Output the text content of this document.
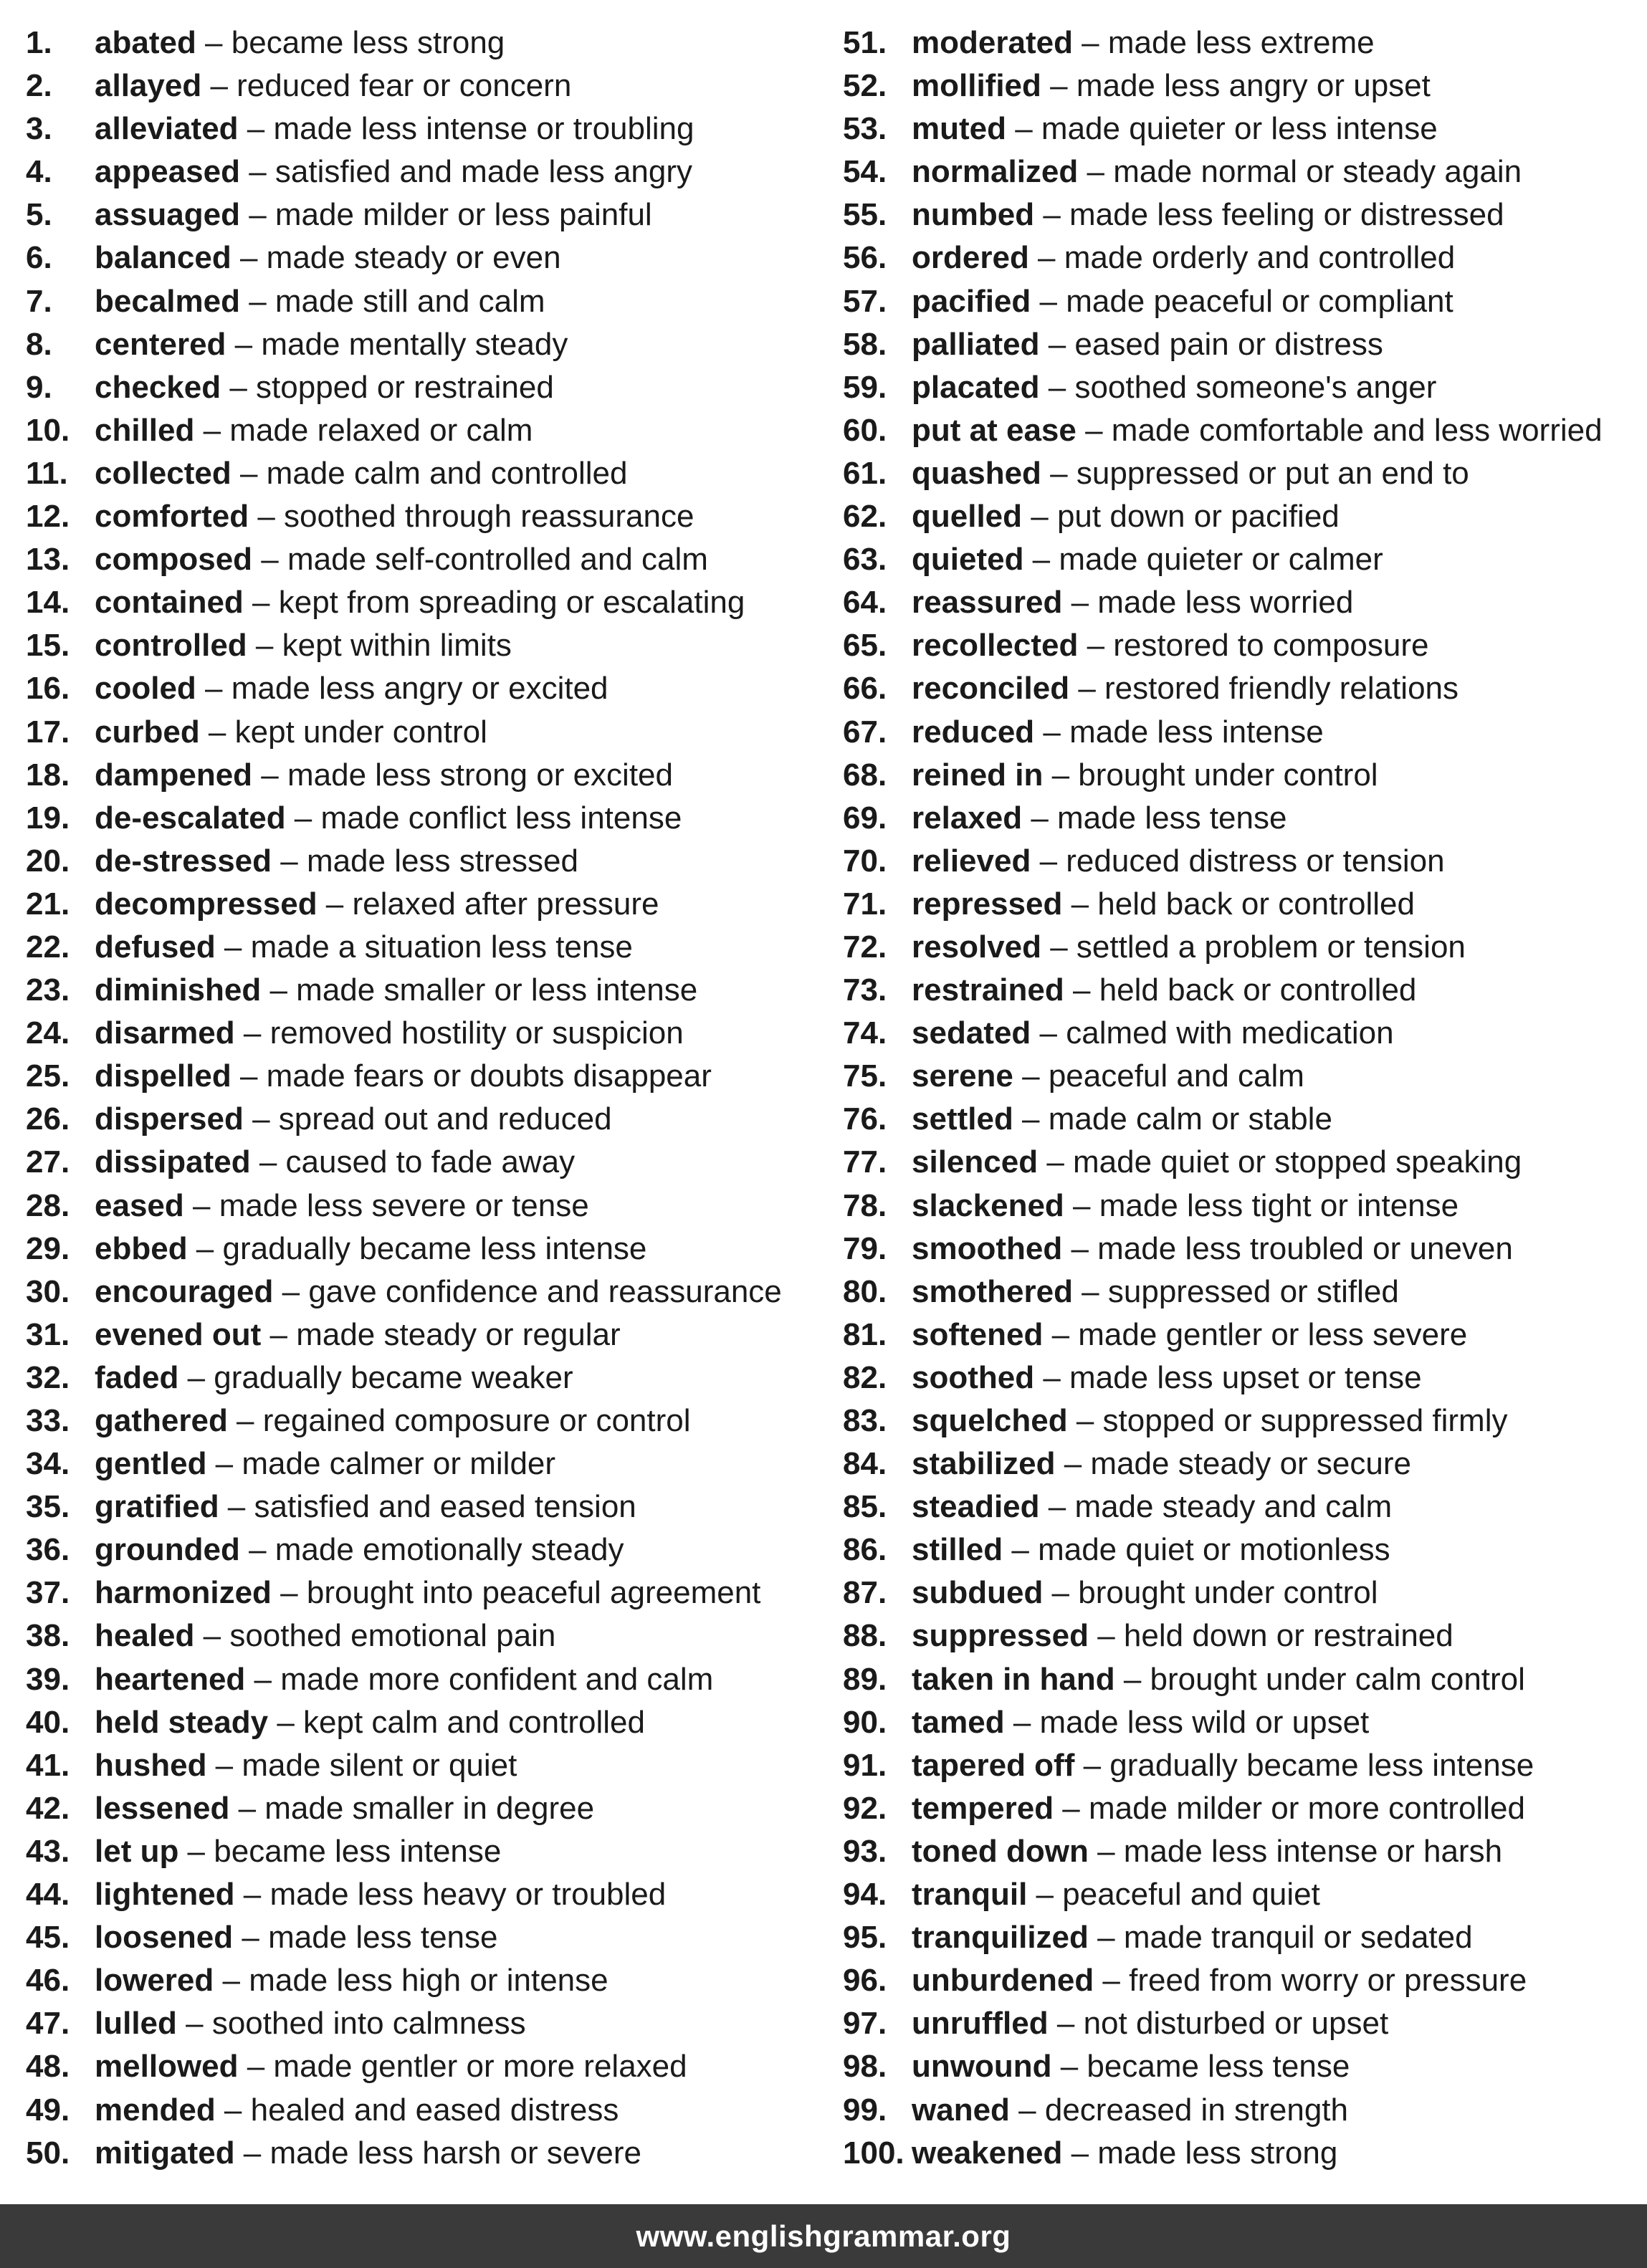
1. abated – became less strong
2. allayed – reduced fear or concern
3. alleviated – made less intense or troubling
4. appeased – satisfied and made less angry
5. assuaged – made milder or less painful
6. balanced – made steady or even
7. becalmed – made still and calm
8. centered – made mentally steady
9. checked – stopped or restrained
10. chilled – made relaxed or calm
11. collected – made calm and controlled
12. comforted – soothed through reassurance
13. composed – made self-controlled and calm
14. contained – kept from spreading or escalating
15. controlled – kept within limits
16. cooled – made less angry or excited
17. curbed – kept under control
18. dampened – made less strong or excited
19. de-escalated – made conflict less intense
20. de-stressed – made less stressed
21. decompressed – relaxed after pressure
22. defused – made a situation less tense
23. diminished – made smaller or less intense
24. disarmed – removed hostility or suspicion
25. dispelled – made fears or doubts disappear
26. dispersed – spread out and reduced
27. dissipated – caused to fade away
28. eased – made less severe or tense
29. ebbed – gradually became less intense
30. encouraged – gave confidence and reassurance
31. evened out – made steady or regular
32. faded – gradually became weaker
33. gathered – regained composure or control
34. gentled – made calmer or milder
35. gratified – satisfied and eased tension
36. grounded – made emotionally steady
37. harmonized – brought into peaceful agreement
38. healed – soothed emotional pain
39. heartened – made more confident and calm
40. held steady – kept calm and controlled
41. hushed – made silent or quiet
42. lessened – made smaller in degree
43. let up – became less intense
44. lightened – made less heavy or troubled
45. loosened – made less tense
46. lowered – made less high or intense
47. lulled – soothed into calmness
48. mellowed – made gentler or more relaxed
49. mended – healed and eased distress
50. mitigated – made less harsh or severe
51. moderated – made less extreme
52. mollified – made less angry or upset
53. muted – made quieter or less intense
54. normalized – made normal or steady again
55. numbed – made less feeling or distressed
56. ordered – made orderly and controlled
57. pacified – made peaceful or compliant
58. palliated – eased pain or distress
59. placated – soothed someone's anger
60. put at ease – made comfortable and less worried
61. quashed – suppressed or put an end to
62. quelled – put down or pacified
63. quieted – made quieter or calmer
64. reassured – made less worried
65. recollected – restored to composure
66. reconciled – restored friendly relations
67. reduced – made less intense
68. reined in – brought under control
69. relaxed – made less tense
70. relieved – reduced distress or tension
71. repressed – held back or controlled
72. resolved – settled a problem or tension
73. restrained – held back or controlled
74. sedated – calmed with medication
75. serene – peaceful and calm
76. settled – made calm or stable
77. silenced – made quiet or stopped speaking
78. slackened – made less tight or intense
79. smoothed – made less troubled or uneven
80. smothered – suppressed or stifled
81. softened – made gentler or less severe
82. soothed – made less upset or tense
83. squelched – stopped or suppressed firmly
84. stabilized – made steady or secure
85. steadied – made steady and calm
86. stilled – made quiet or motionless
87. subdued – brought under control
88. suppressed – held down or restrained
89. taken in hand – brought under calm control
90. tamed – made less wild or upset
91. tapered off – gradually became less intense
92. tempered – made milder or more controlled
93. toned down – made less intense or harsh
94. tranquil – peaceful and quiet
95. tranquilized – made tranquil or sedated
96. unburdened – freed from worry or pressure
97. unruffled – not disturbed or upset
98. unwound – became less tense
99. waned – decreased in strength
100. weakened – made less strong
www.englishgrammar.org
